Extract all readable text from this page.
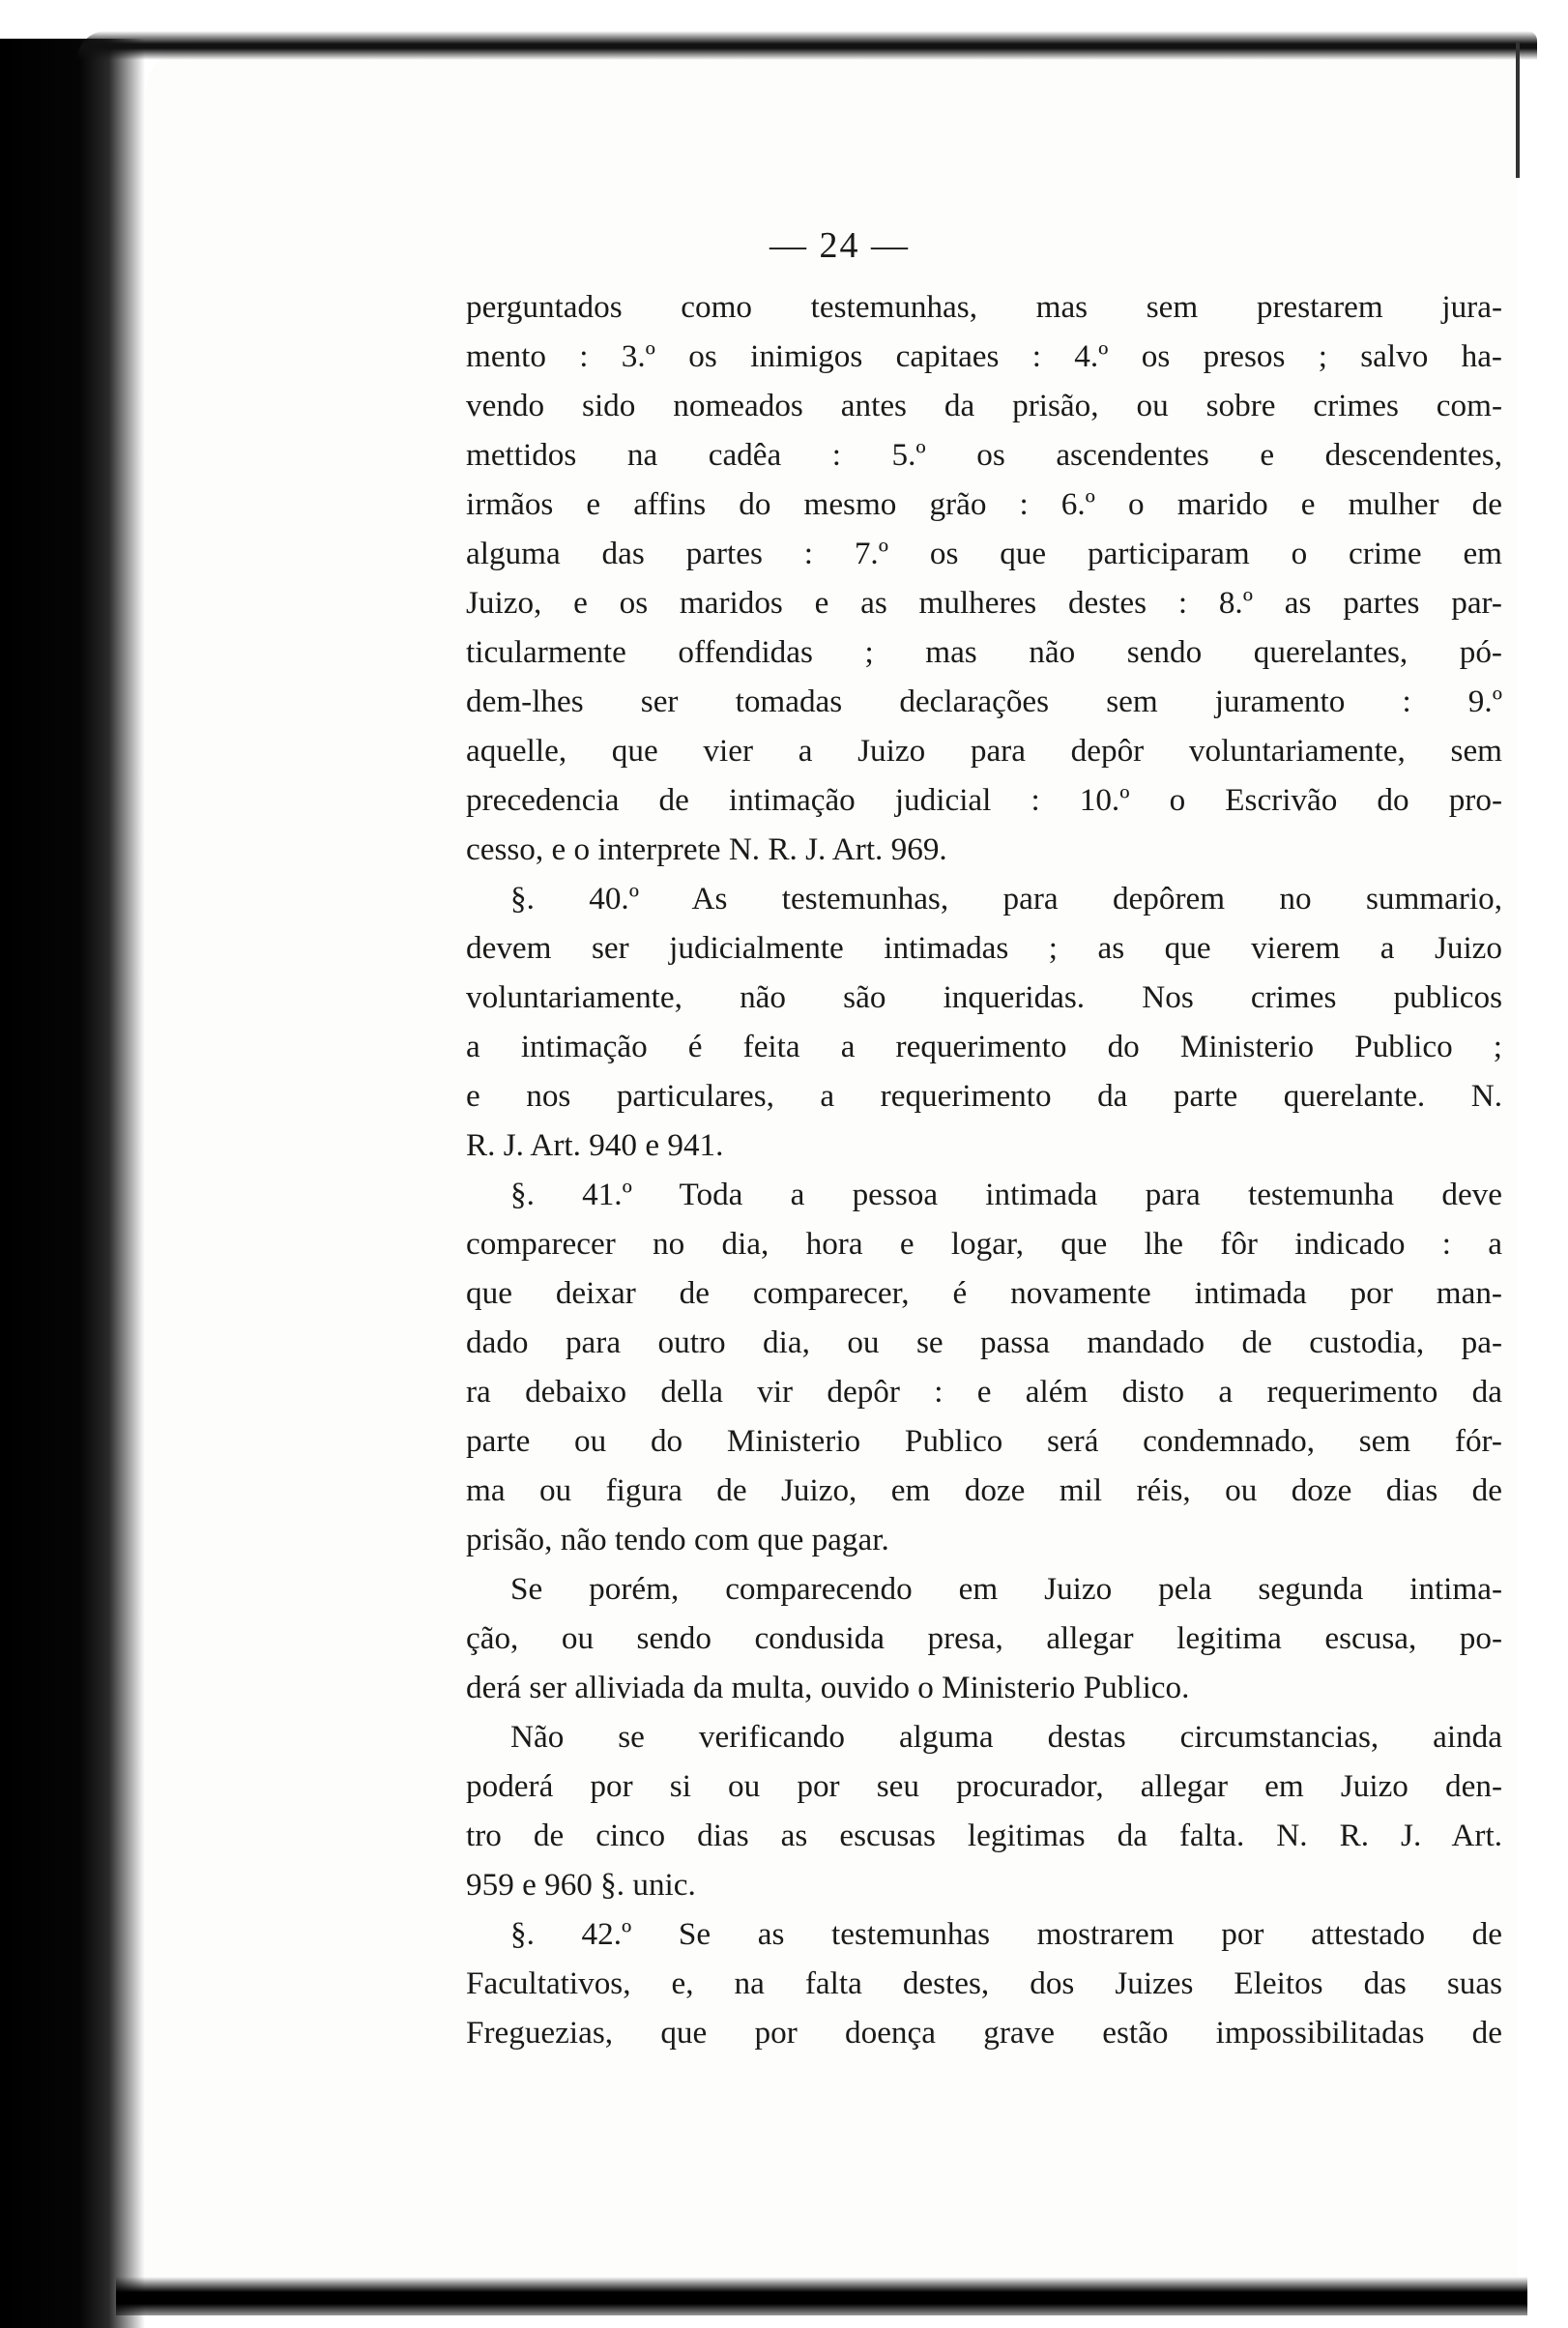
— 24 —
perguntados como testemunhas, mas sem prestarem jura-
mento : 3.º os inimigos capitaes : 4.º os presos ; salvo ha-
vendo sido nomeados antes da prisão, ou sobre crimes com-
mettidos na cadêa : 5.º os ascendentes e descendentes,
irmãos e affins do mesmo grão : 6.º o marido e mulher de
alguma das partes : 7.º os que participaram o crime em
Juizo, e os maridos e as mulheres destes : 8.º as partes par-
ticularmente offendidas ; mas não sendo querelantes, pó-
dem-lhes ser tomadas declarações sem juramento : 9.º
aquelle, que vier a Juizo para depôr voluntariamente, sem
precedencia de intimação judicial : 10.º o Escrivão do pro-
cesso, e o interprete N. R. J. Art. 969.
§. 40.º As testemunhas, para depôrem no summario,
devem ser judicialmente intimadas ; as que vierem a Juizo
voluntariamente, não são inqueridas. Nos crimes publicos
a intimação é feita a requerimento do Ministerio Publico ;
e nos particulares, a requerimento da parte querelante. N.
R. J. Art. 940 e 941.
§. 41.º Toda a pessoa intimada para testemunha deve
comparecer no dia, hora e logar, que lhe fôr indicado : a
que deixar de comparecer, é novamente intimada por man-
dado para outro dia, ou se passa mandado de custodia, pa-
ra debaixo della vir depôr : e além disto a requerimento da
parte ou do Ministerio Publico será condemnado, sem fór-
ma ou figura de Juizo, em doze mil réis, ou doze dias de
prisão, não tendo com que pagar.
Se porém, comparecendo em Juizo pela segunda intima-
ção, ou sendo condusida presa, allegar legitima escusa, po-
derá ser alliviada da multa, ouvido o Ministerio Publico.
Não se verificando alguma destas circumstancias, ainda
poderá por si ou por seu procurador, allegar em Juizo den-
tro de cinco dias as escusas legitimas da falta. N. R. J. Art.
959 e 960 §. unic.
§. 42.º Se as testemunhas mostrarem por attestado de
Facultativos, e, na falta destes, dos Juizes Eleitos das suas
Freguezias, que por doença grave estão impossibilitadas de
